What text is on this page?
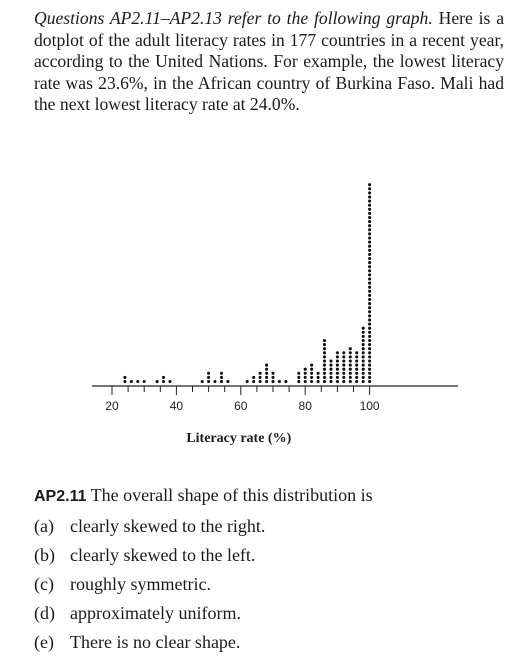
Questions AP2.11–AP2.13 refer to the following graph. Here is a dotplot of the adult literacy rates in 177 countries in a recent year, according to the United Nations. For example, the lowest literacy rate was 23.6%, in the African country of Burkina Faso. Mali had the next lowest literacy rate at 24.0%.

20	40	60	80	100
Literacy rate (%)

AP2.11 The overall shape of this distribution is

(a) clearly skewed to the right.
(b) clearly skewed to the left.
(c) roughly symmetric.
(d) approximately uniform.
(e) There is no clear shape.
